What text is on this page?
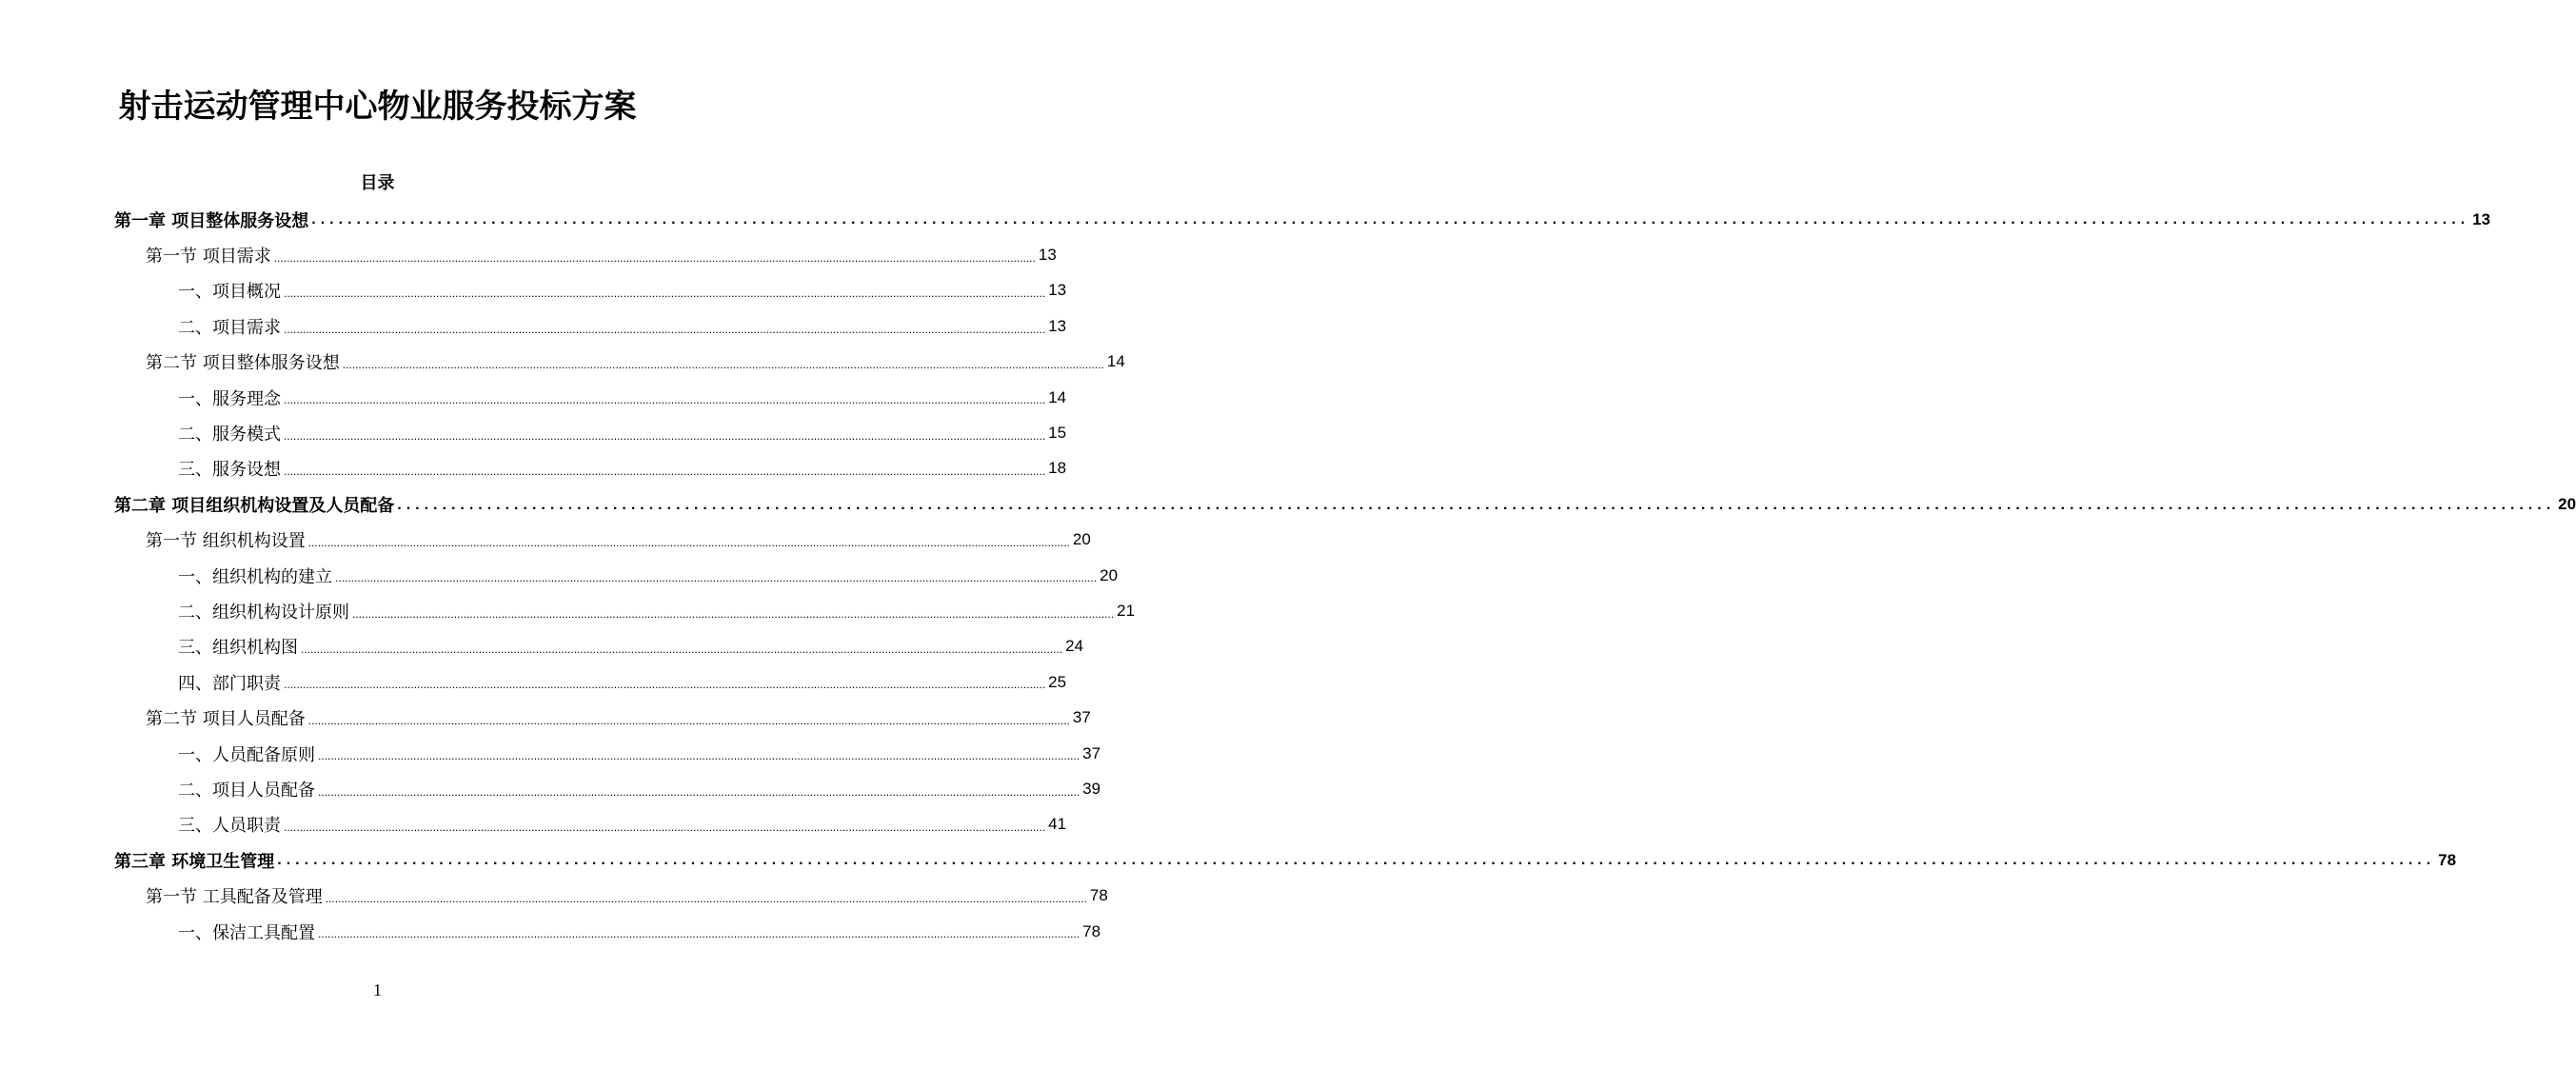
射击运动管理中心物业服务投标方案
目录
第一章 项目整体服务设想 ................................................................................................................................................................................................................................................ 13
第一节 项目需求 ................................................................................................................................................................................................................................................ 13
一、项目概况 ................................................................................................................................................................................................................................................ 13
二、项目需求 ................................................................................................................................................................................................................................................ 13
第二节 项目整体服务设想 ................................................................................................................................................................................................................................................ 14
一、服务理念 ................................................................................................................................................................................................................................................ 14
二、服务模式 ................................................................................................................................................................................................................................................ 15
三、服务设想 ................................................................................................................................................................................................................................................ 18
第二章 项目组织机构设置及人员配备 ................................................................................................................................................................................................................................................ 20
第一节 组织机构设置 ................................................................................................................................................................................................................................................ 20
一、组织机构的建立 ................................................................................................................................................................................................................................................ 20
二、组织机构设计原则 ................................................................................................................................................................................................................................................ 21
三、组织机构图 ................................................................................................................................................................................................................................................ 24
四、部门职责 ................................................................................................................................................................................................................................................ 25
第二节 项目人员配备 ................................................................................................................................................................................................................................................ 37
一、人员配备原则 ................................................................................................................................................................................................................................................ 37
二、项目人员配备 ................................................................................................................................................................................................................................................ 39
三、人员职责 ................................................................................................................................................................................................................................................ 41
第三章 环境卫生管理 ................................................................................................................................................................................................................................................ 78
第一节 工具配备及管理 ................................................................................................................................................................................................................................................ 78
一、保洁工具配置 ................................................................................................................................................................................................................................................ 78
1
